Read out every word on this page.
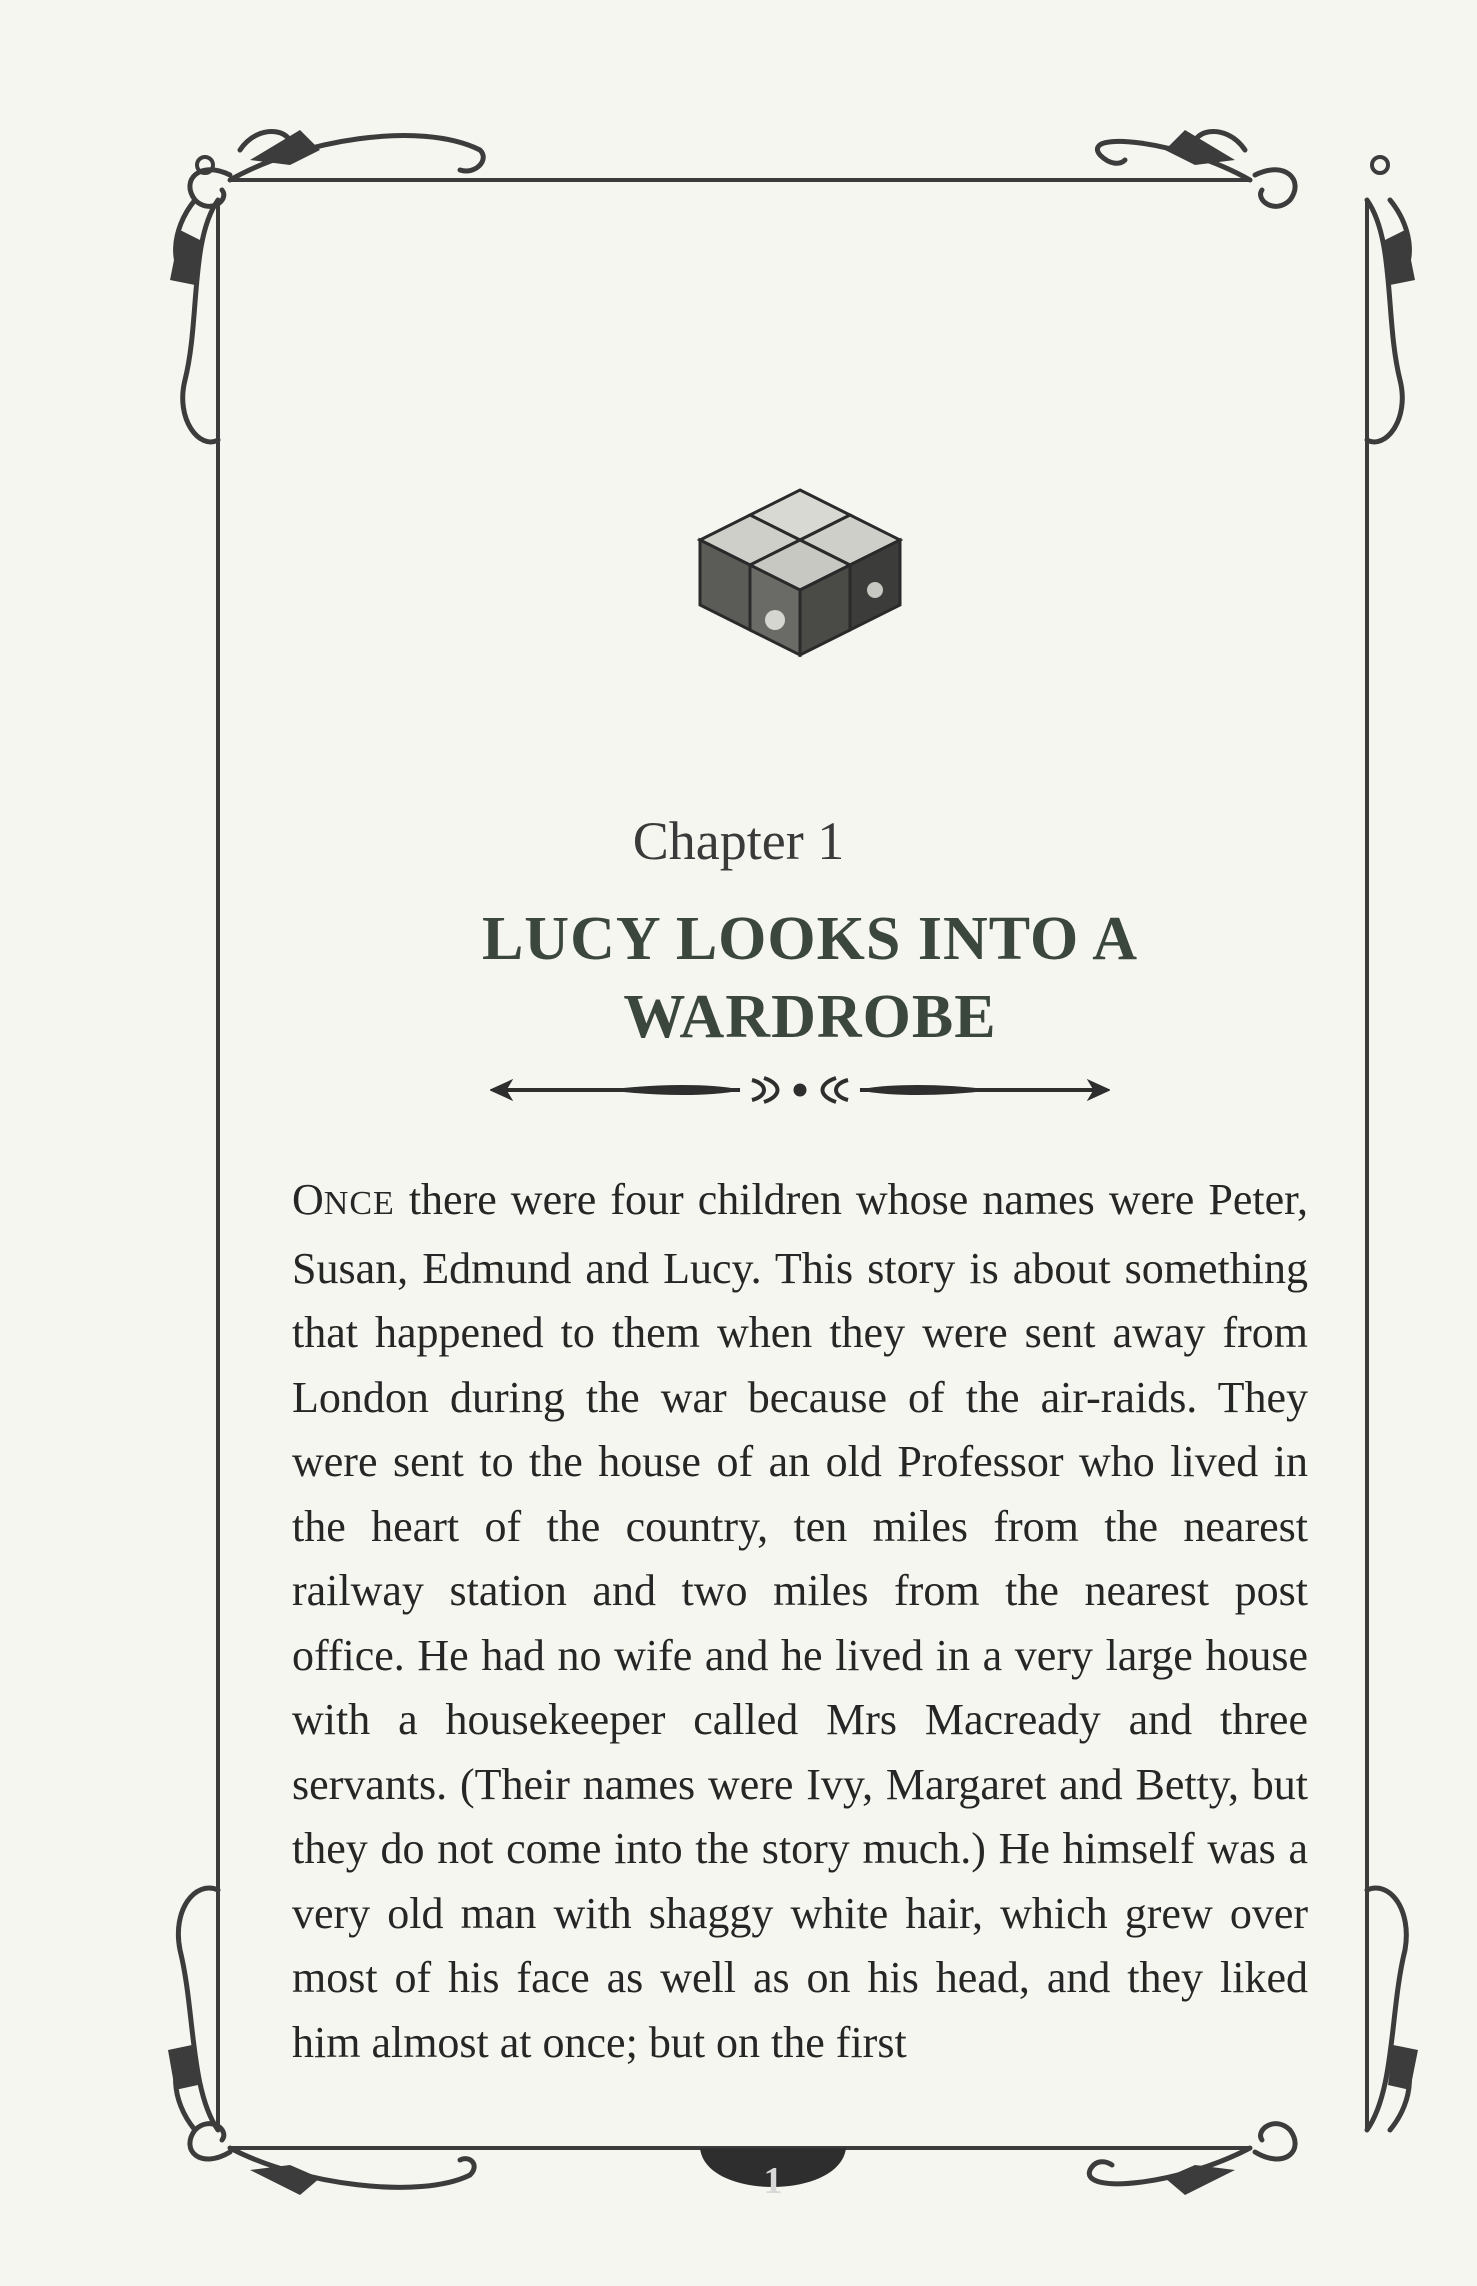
Chapter 1
LUCY LOOKS INTO A WARDROBE

ONCE there were four children whose names were Peter, Susan, Edmund and Lucy. This story is about something that happened to them when they were sent away from London during the war because of the air-raids. They were sent to the house of an old Professor who lived in the heart of the country, ten miles from the nearest railway station and two miles from the nearest post office. He had no wife and he lived in a very large house with a housekeeper called Mrs Macready and three servants. (Their names were Ivy, Margaret and Betty, but they do not come into the story much.) He himself was a very old man with shaggy white hair, which grew over most of his face as well as on his head, and they liked him almost at once; but on the first

1
